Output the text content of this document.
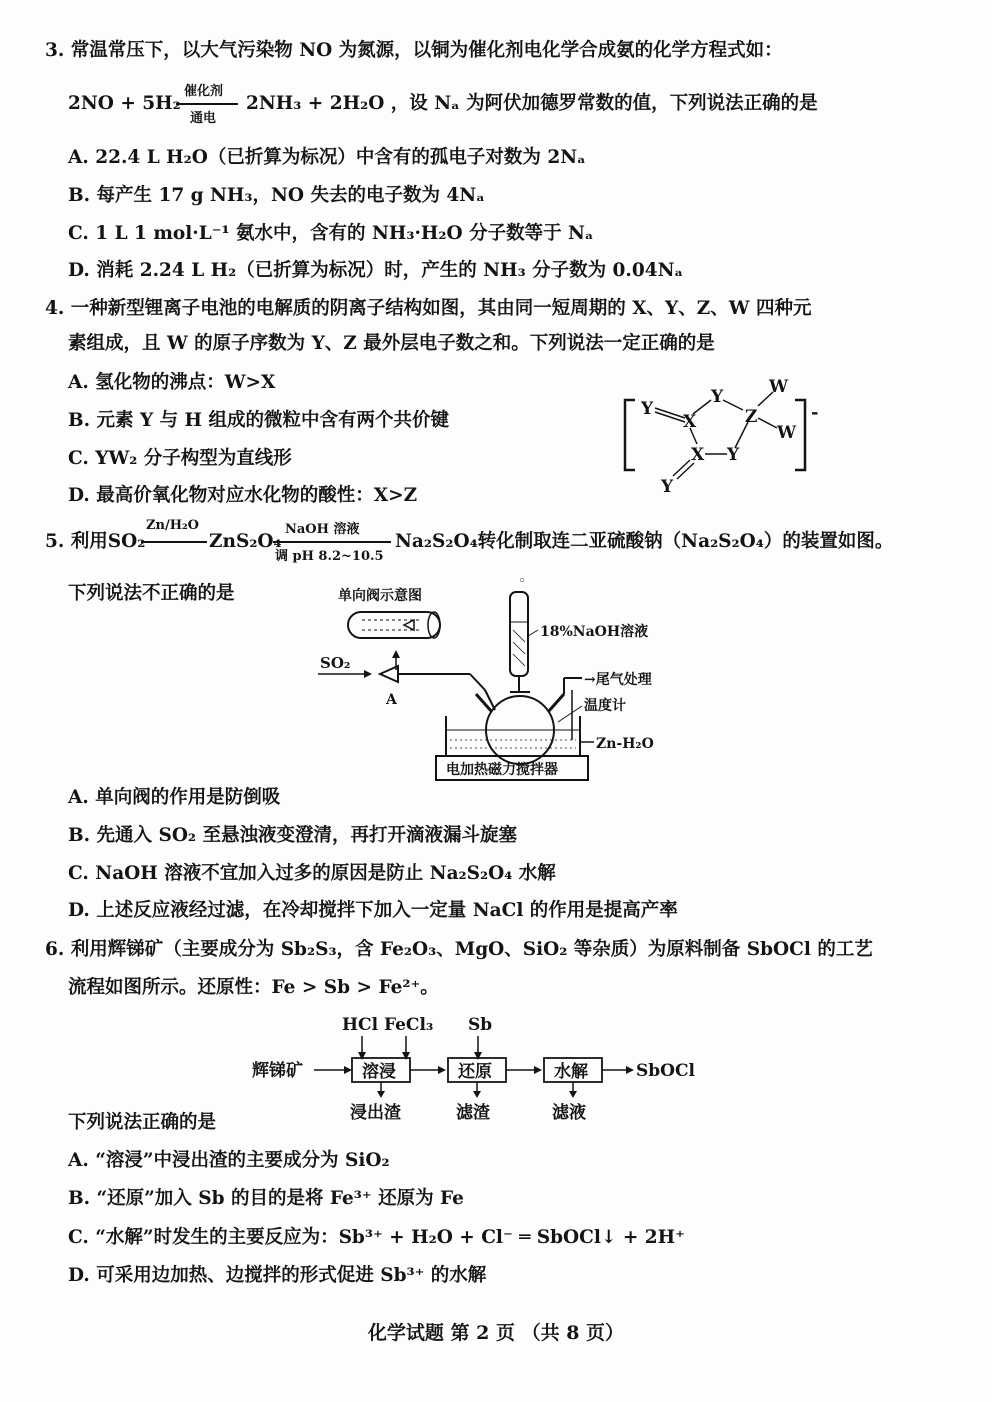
3. 常温常压下，以大气污染物 NO 为氮源，以铜为催化剂电化学合成氨的化学方程式如：
2NO + 5H₂
催化剂
通电
2NH₃ + 2H₂O ，设 Nₐ 为阿伏加德罗常数的值，下列说法正确的是
A. 22.4 L H₂O（已折算为标况）中含有的孤电子对数为 2Nₐ
B. 每产生 17 g NH₃，NO 失去的电子数为 4Nₐ
C. 1 L 1 mol·L⁻¹ 氨水中，含有的 NH₃·H₂O 分子数等于 Nₐ
D. 消耗 2.24 L H₂（已折算为标况）时，产生的 NH₃ 分子数为 0.04Nₐ
4. 一种新型锂离子电池的电解质的阴离子结构如图，其由同一短周期的 X、Y、Z、W 四种元
素组成，且 W 的原子序数为 Y、Z 最外层电子数之和。下列说法一定正确的是
A. 氢化物的沸点：W>X
B. 元素 Y 与 H 组成的微粒中含有两个共价键
C. YW₂ 分子构型为直线形
D. 最高价氧化物对应水化物的酸性：X>Z
Y
X
Y
Z
W
W
X Y
Y
-
5. 利用SO₂
Zn/H₂O
ZnS₂O₄
NaOH 溶液
调 pH 8.2~10.5
Na₂S₂O₄转化制取连二亚硫酸钠（Na₂S₂O₄）的装置如图。
下列说法不正确的是	单向阀示意图
SO₂
A
◦
18%NaOH溶液
→尾气处理
温度计
Zn-H₂O
电加热磁力搅拌器
A. 单向阀的作用是防倒吸
B. 先通入 SO₂ 至悬浊液变澄清，再打开滴液漏斗旋塞
C. NaOH 溶液不宜加入过多的原因是防止 Na₂S₂O₄ 水解
D. 上述反应液经过滤，在冷却搅拌下加入一定量 NaCl 的作用是提高产率
6. 利用辉锑矿（主要成分为 Sb₂S₃，含 Fe₂O₃、MgO、SiO₂ 等杂质）为原料制备 SbOCl 的工艺
流程如图所示。还原性：Fe > Sb > Fe²⁺。
HCl FeCl₃ Sb
辉锑矿	溶浸	还原	水解	SbOCl
浸出渣	滤渣	滤液
下列说法正确的是
A. “溶浸”中浸出渣的主要成分为 SiO₂
B. “还原”加入 Sb 的目的是将 Fe³⁺ 还原为 Fe
C. “水解”时发生的主要反应为：Sb³⁺ + H₂O + Cl⁻ ═ SbOCl↓ + 2H⁺
D. 可采用边加热、边搅拌的形式促进 Sb³⁺ 的水解
化学试题 第 2 页 （共 8 页）
